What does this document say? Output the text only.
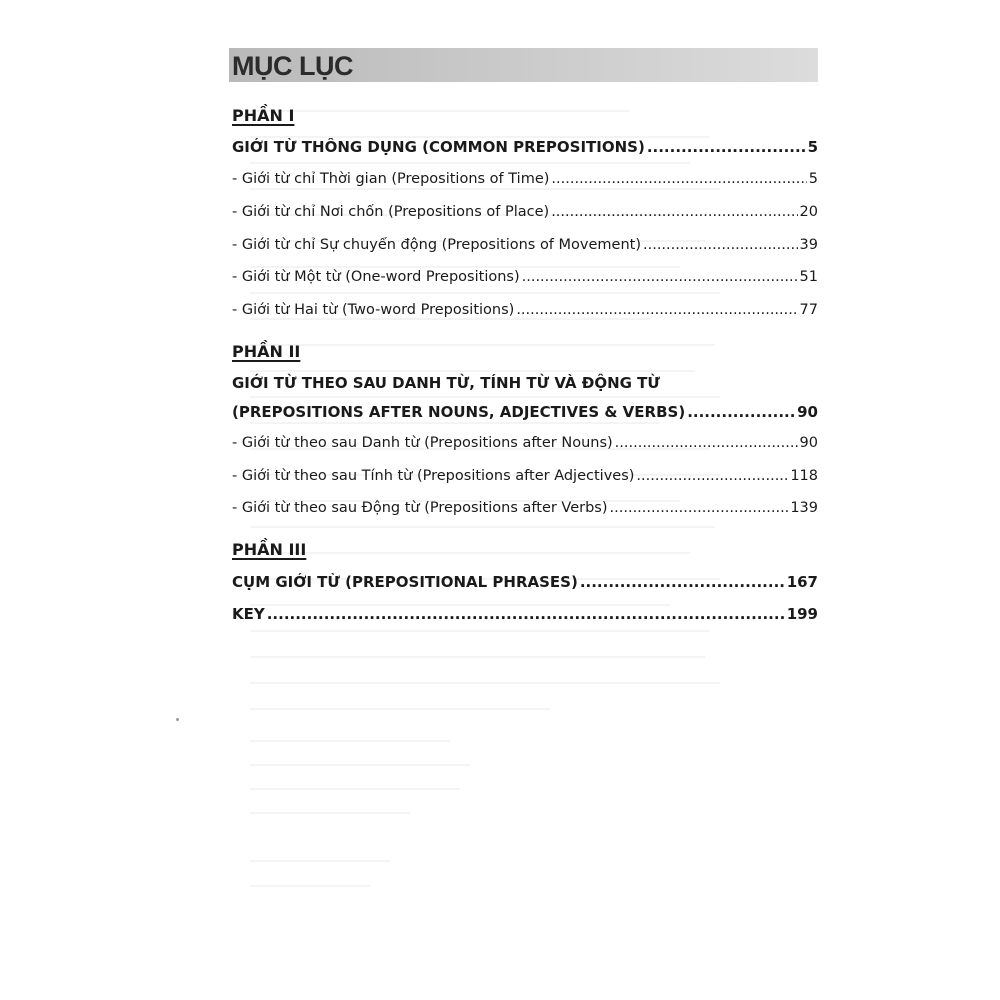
MỤC LỤC
PHẦN I
GIỚI TỪ THÔNG DỤNG (COMMON PREPOSITIONS) .....	5
- Giới từ chỉ Thời gian (Prepositions of Time) .....	5
- Giới từ chỉ Nơi chốn (Prepositions of Place) .....	20
- Giới từ chỉ Sự chuyển động (Prepositions of Movement) .....	39
- Giới từ Một từ (One-word Prepositions) .....	51
- Giới từ Hai từ (Two-word Prepositions) .....	77
PHẦN II
GIỚI TỪ THEO SAU DANH TỪ, TÍNH TỪ VÀ ĐỘNG TỪ
(PREPOSITIONS AFTER NOUNS, ADJECTIVES & VERBS) .....	90
- Giới từ theo sau Danh từ (Prepositions after Nouns) .....	90
- Giới từ theo sau Tính từ (Prepositions after Adjectives) .....	118
- Giới từ theo sau Động từ (Prepositions after Verbs) .....	139
PHẦN III
CỤM GIỚI TỪ (PREPOSITIONAL PHRASES) .....	167
KEY .....	199
